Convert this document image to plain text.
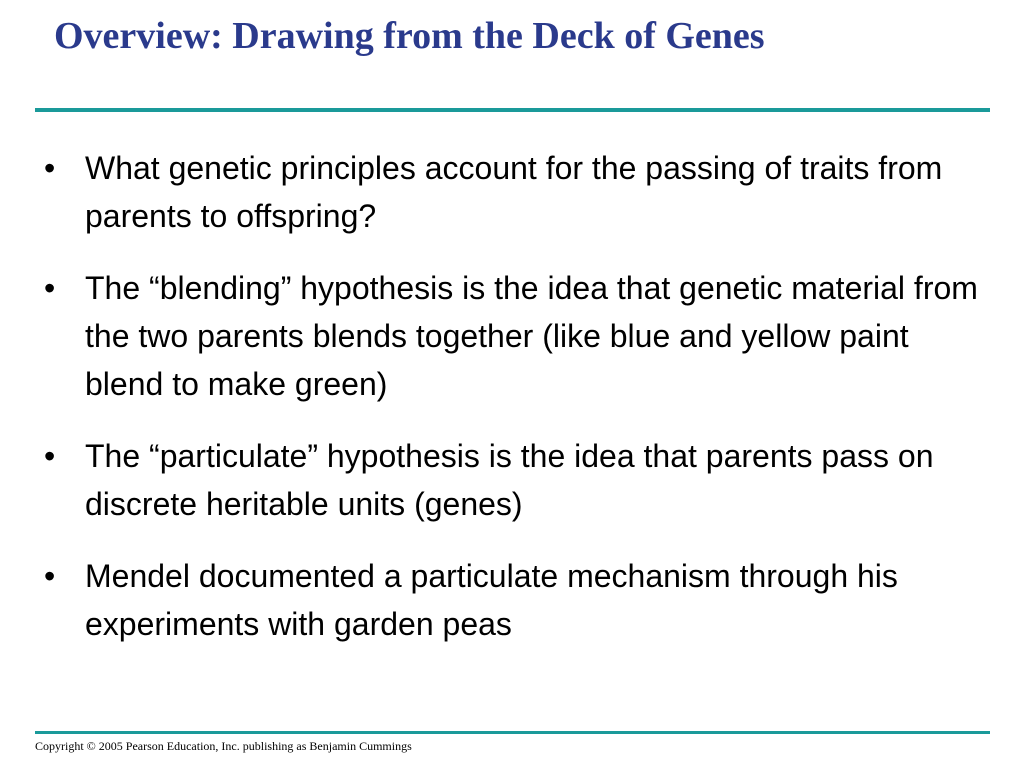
Overview: Drawing from the Deck of Genes
• What genetic principles account for the passing of traits from parents to offspring?
• The “blending” hypothesis is the idea that genetic material from the two parents blends together (like blue and yellow paint blend to make green)
• The “particulate” hypothesis is the idea that parents pass on discrete heritable units (genes)
• Mendel documented a particulate mechanism through his experiments with garden peas

Copyright © 2005 Pearson Education, Inc. publishing as Benjamin Cummings
